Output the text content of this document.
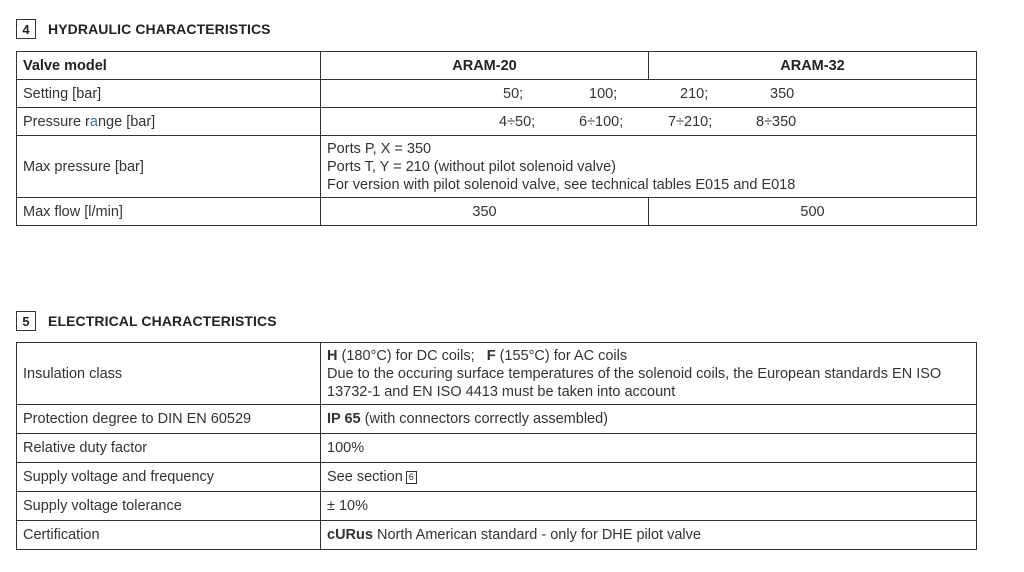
4	HYDRAULIC CHARACTERISTICS
Valve model	ARAM-20	ARAM-32
Setting [bar]	50; 100; 210; 350	

Pressure range [bar]	4÷50; 6÷100; 7÷210; 8÷350	

Max pressure [bar]	Ports P, X = 350
Ports T, Y = 210 (without pilot solenoid valve)
For version with pilot solenoid valve, see technical tables E015 and E018	

Max flow [l/min]	350	500
5	ELECTRICAL CHARACTERISTICS
Insulation class	H (180°C) for DC coils;   F (155°C) for AC coils
Due to the occuring surface temperatures of the solenoid coils, the European standards EN ISO
13732-1 and EN ISO 4413 must be taken into account

Protection degree to DIN EN 60529	IP 65 (with connectors correctly assembled)
Relative duty factor	100%
Supply voltage and frequency	See section 6
Supply voltage tolerance	± 10%
Certification	cURus North American standard - only for DHE pilot valve
